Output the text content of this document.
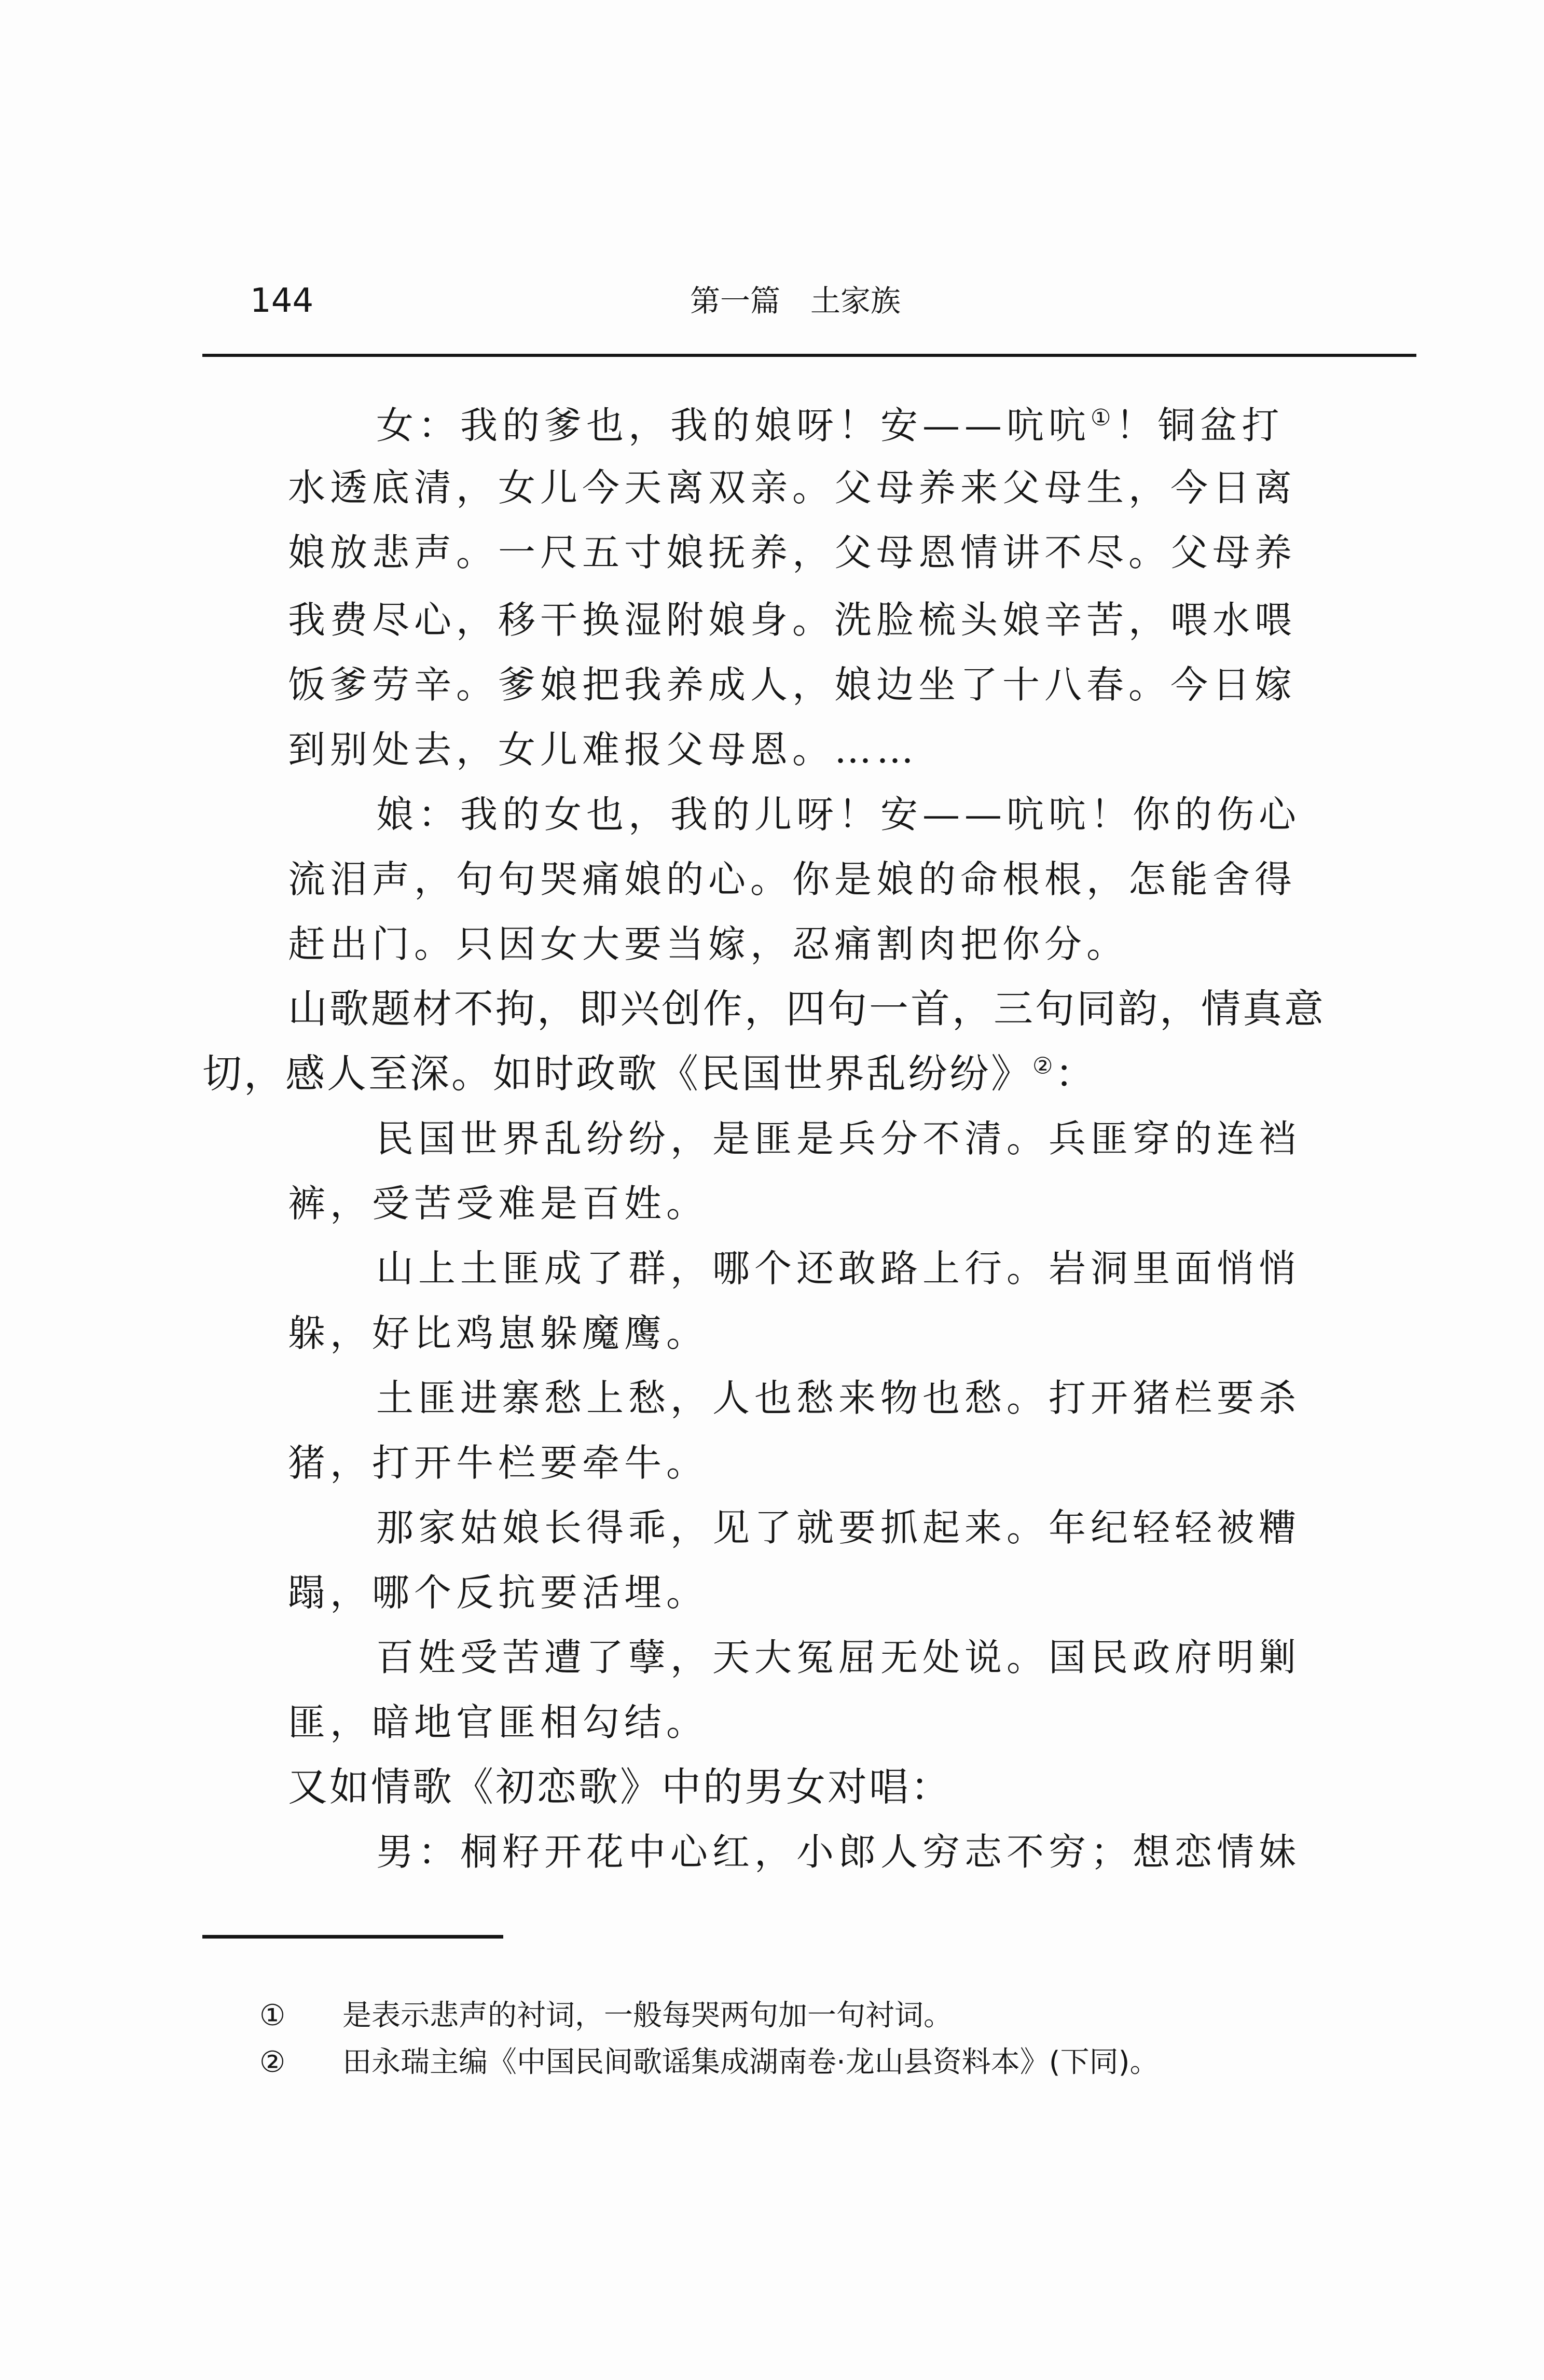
144	第一篇　土家族
女：我的爹也，我的娘呀！安——吭吭①！铜盆打
水透底清，女儿今天离双亲。父母养来父母生，今日离
娘放悲声。一尺五寸娘抚养，父母恩情讲不尽。父母养
我费尽心，移干换湿附娘身。洗脸梳头娘辛苦，喂水喂
饭爹劳辛。爹娘把我养成人，娘边坐了十八春。今日嫁
到别处去，女儿难报父母恩。……
娘：我的女也，我的儿呀！安——吭吭！你的伤心
流泪声，句句哭痛娘的心。你是娘的命根根，怎能舍得
赶出门。只因女大要当嫁，忍痛割肉把你分。
山歌题材不拘，即兴创作，四句一首，三句同韵，情真意
切，感人至深。如时政歌《民国世界乱纷纷》②：
民国世界乱纷纷，是匪是兵分不清。兵匪穿的连裆
裤，受苦受难是百姓。
山上土匪成了群，哪个还敢路上行。岩洞里面悄悄
躲，好比鸡崽躲魔鹰。
土匪进寨愁上愁，人也愁来物也愁。打开猪栏要杀
猪，打开牛栏要牵牛。
那家姑娘长得乖，见了就要抓起来。年纪轻轻被糟
蹋，哪个反抗要活埋。
百姓受苦遭了孽，天大冤屈无处说。国民政府明剿
匪，暗地官匪相勾结。
又如情歌《初恋歌》中的男女对唱：
男：桐籽开花中心红，小郎人穷志不穷；想恋情妹
① 是表示悲声的衬词，一般每哭两句加一句衬词。
② 田永瑞主编《中国民间歌谣集成湖南卷·龙山县资料本》(下同)。
